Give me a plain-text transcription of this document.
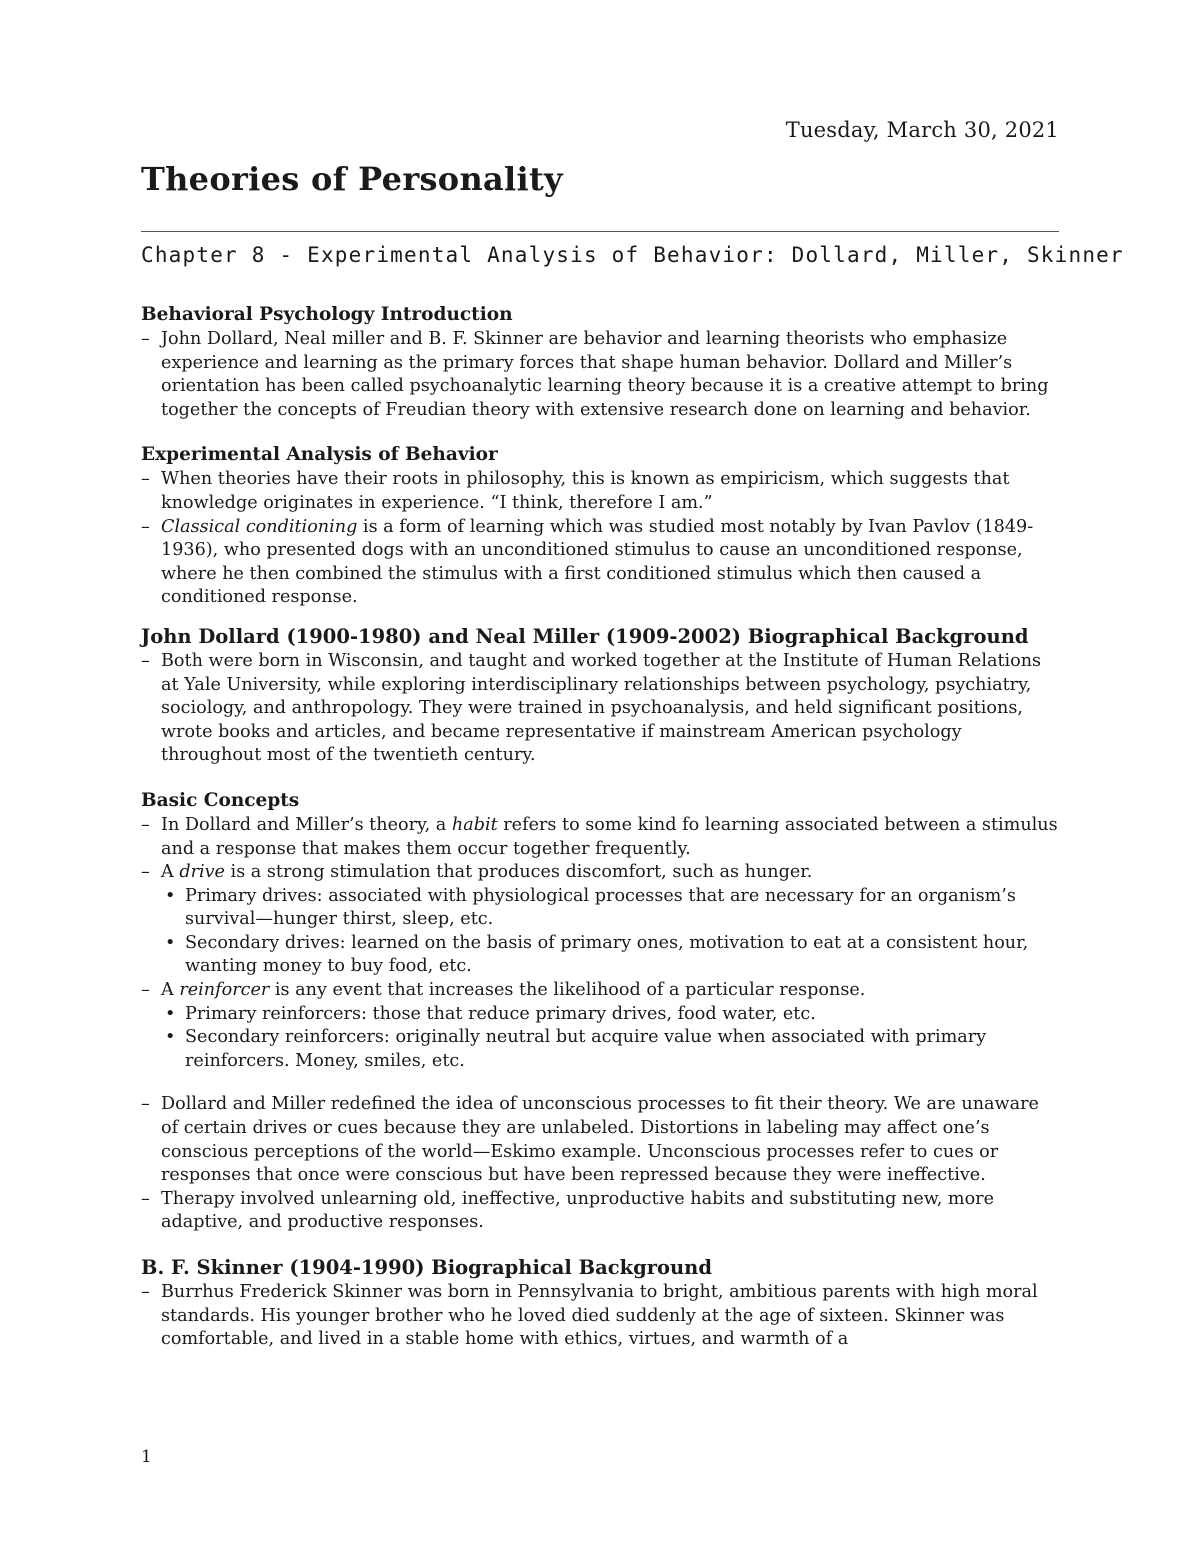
Tuesday, March 30, 2021
Theories of Personality
Chapter 8 - Experimental Analysis of Behavior: Dollard, Miller, Skinner
Behavioral Psychology Introduction
– John Dollard, Neal miller and B. F. Skinner are behavior and learning theorists who emphasize experience and learning as the primary forces that shape human behavior. Dollard and Miller’s orientation has been called psychoanalytic learning theory because it is a creative attempt to bring together the concepts of Freudian theory with extensive research done on learning and behavior.
Experimental Analysis of Behavior
– When theories have their roots in philosophy, this is known as empiricism, which suggests that knowledge originates in experience. “I think, therefore I am.”
– Classical conditioning is a form of learning which was studied most notably by Ivan Pavlov (1849-1936), who presented dogs with an unconditioned stimulus to cause an unconditioned response, where he then combined the stimulus with a first conditioned stimulus which then caused a conditioned response.
John Dollard (1900-1980) and Neal Miller (1909-2002) Biographical Background
– Both were born in Wisconsin, and taught and worked together at the Institute of Human Relations at Yale University, while exploring interdisciplinary relationships between psychology, psychiatry, sociology, and anthropology. They were trained in psychoanalysis, and held significant positions, wrote books and articles, and became representative if mainstream American psychology throughout most of the twentieth century.
Basic Concepts
– In Dollard and Miller’s theory, a habit refers to some kind fo learning associated between a stimulus and a response that makes them occur together frequently.
– A drive is a strong stimulation that produces discomfort, such as hunger.
• Primary drives: associated with physiological processes that are necessary for an organism’s survival—hunger thirst, sleep, etc.
• Secondary drives: learned on the basis of primary ones, motivation to eat at a consistent hour, wanting money to buy food, etc.
– A reinforcer is any event that increases the likelihood of a particular response.
• Primary reinforcers: those that reduce primary drives, food water, etc.
• Secondary reinforcers: originally neutral but acquire value when associated with primary reinforcers. Money, smiles, etc.
– Dollard and Miller redefined the idea of unconscious processes to fit their theory. We are unaware of certain drives or cues because they are unlabeled. Distortions in labeling may affect one’s conscious perceptions of the world—Eskimo example. Unconscious processes refer to cues or responses that once were conscious but have been repressed because they were ineffective.
– Therapy involved unlearning old, ineffective, unproductive habits and substituting new, more adaptive, and productive responses.
B. F. Skinner (1904-1990) Biographical Background
– Burrhus Frederick Skinner was born in Pennsylvania to bright, ambitious parents with high moral standards. His younger brother who he loved died suddenly at the age of sixteen. Skinner was comfortable, and lived in a stable home with ethics, virtues, and warmth of a
1
